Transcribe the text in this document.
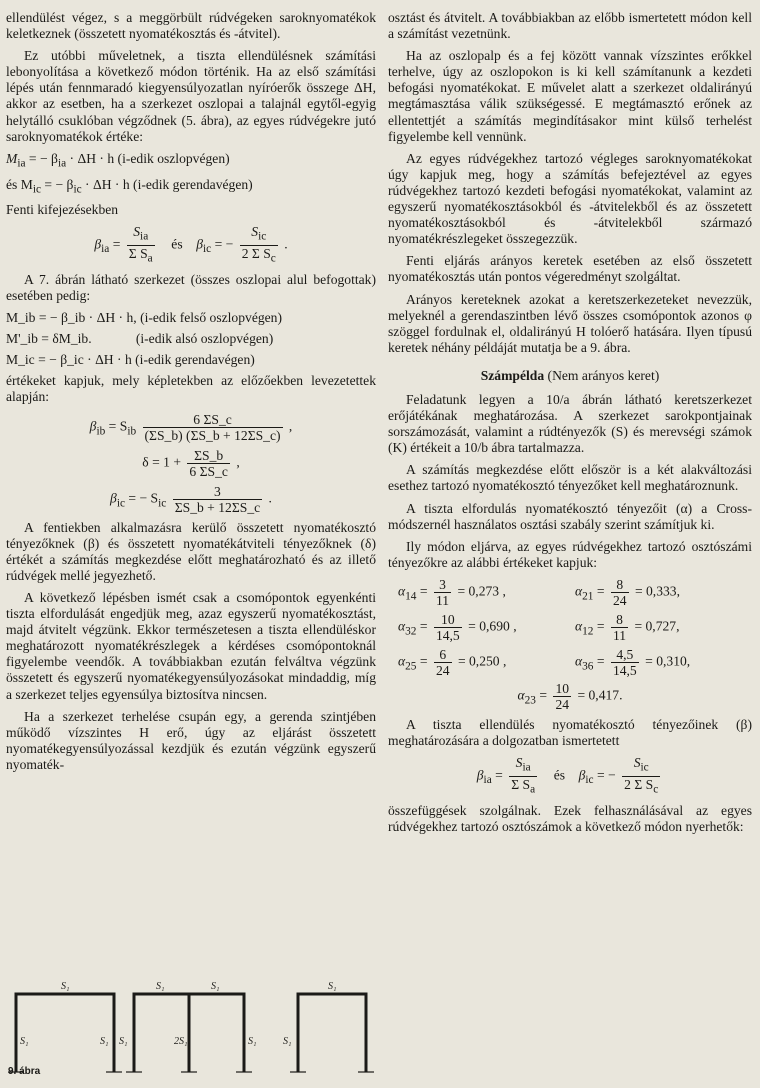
ellendülést végez, s a meggörbült rúdvégeken saroknyomatékok keletkeznek (összetett nyomatékosztás és -átvitel).

Ez utóbbi műveletnek, a tiszta ellendülésnek számítási lebonyolítása a következő módon történik. Ha az első számítási lépés után fennmaradó kiegyensúlyozatlan nyíróerők összege ΔH, akkor az esetben, ha a szerkezet oszlopai a talajnál egytől-egyig helytálló csuklóban végződnek (5. ábra), az egyes rúdvégekre jutó saroknyomatékok értéke:

$M_{ia}$ = − $\beta_{ia} \cdot \Delta H \cdot h$ (i-edik oszlopvégen)
és $M_{ic}$ = − $\beta_{ic} \cdot \Delta H \cdot h$ (i-edik gerendavégen)

Fenti kifejezésekben

$\beta_{ia} = \frac{S_{ia}}{\Sigma S_a}$ és $\beta_{ic}$ = − $\frac{S_{ic}}{2 \Sigma S_c}$ .

A 7. ábrán látható szerkezet (összes oszlopai alul befogottak) esetében pedig:

M_ib = − β_ib · ΔH · h, (i-edik felső oszlopvégen)
M'_ib = δM_ib.	(i-edik alsó oszlopvégen)
M_ic = − β_ic · ΔH · h (i-edik gerendavégen)

értékeket kapjuk, mely képletekben az előzőekben levezetettek alapján:

$\beta_{ib} = S_{ib} \frac{6 \Sigma S\_c}{(\Sigma S\_b) (\Sigma S\_b + 12\Sigma S\_c)}$ ,
$\delta = 1 + \frac{\Sigma S\_b}{6 \Sigma S\_c}$ ,
$\beta_{ic}$ = − $S_{ic} \frac{3}{\Sigma S\_b + 12\Sigma S\_c}$ .

A fentiekben alkalmazásra kerülő összetett nyomatékosztó tényezőknek (β) és összetett nyomatékátviteli tényezőknek (δ) értékét a számítás megkezdése előtt meghatározható és az illető rúdvégek mellé jegyezhető.

A következő lépésben ismét csak a csomópontok egyenkénti tiszta elfordulását engedjük meg, azaz egyszerű nyomatékosztást, majd átvitelt végzünk. Ekkor természetesen a tiszta ellendüléskor meghatározott nyomatékrészlegek a kérdéses csomópontoknál figyelembe veendők. A továbbiakban ezután felváltva végzünk összetett és egyszerű nyomatékegyensúlyozásokat mindaddig, míg a szerkezet teljes egyensúlya biztosítva nincsen.

Ha a szerkezet terhelése csupán egy, a gerenda szintjében működő vízszintes H erő, úgy az eljárást összetett nyomatékegyensúlyozással kezdjük és ezután végzünk egyszerű nyomaték-

osztást és átvitelt. A továbbiakban az előbb ismertetett módon kell a számítást vezetnünk.

Ha az oszlopalp és a fej között vannak vízszintes erőkkel terhelve, úgy az oszlopokon is ki kell számítanunk a kezdeti befogási nyomatékokat. E művelet alatt a szerkezet oldalirányú megtámasztása válik szükségessé. E megtámasztó erőnek az ellentettjét a számítás megindításakor mint külső terhelést figyelembe kell vennünk.

Az egyes rúdvégekhez tartozó végleges saroknyomatékokat úgy kapjuk meg, hogy a számítás befejeztével az egyes rúdvégekhez tartozó kezdeti befogási nyomatékokat, valamint az egyszerű nyomatékosztásokból és -átvitelekből és az összetett nyomatékosztásokból és -átvitelekből származó nyomatékrészlegeket összegezzük.

Fenti eljárás arányos keretek esetében az első összetett nyomatékosztás után pontos végeredményt szolgáltat.

Arányos kereteknek azokat a keretszerkezeteket nevezzük, melyeknél a gerendaszintben lévő összes csomópontok azonos φ szöggel fordulnak el, oldalirányú H tolóerő hatására. Ilyen típusú keretek néhány példáját mutatja be a 9. ábra.

Számpélda (Nem arányos keret)

Feladatunk legyen a 10/a ábrán látható keretszerkezet erőjátékának meghatározása. A szerkezet sarokpontjainak sorszámozását, valamint a rúdtényezők (S) és merevségi számok (K) értékeit a 10/b ábra tartalmazza.

A számítás megkezdése előtt először is a két alakváltozási esethez tartozó nyomatékosztó tényezőket kell meghatároznunk.

A tiszta elfordulás nyomatékosztó tényezőit (α) a Cross-módszernél használatos osztási szabály szerint számítjuk ki.

Ily módon eljárva, az egyes rúdvégekhez tartozó osztószámi tényezőkre az alábbi értékeket kapjuk:

$\alpha_{14} = \frac{3}{11} = 0,273$ ,	$\alpha_{21} = \frac{8}{24} = 0,333$,
$\alpha_{32} = \frac{10}{14,5} = 0,690$ ,	$\alpha_{12} = \frac{8}{11} = 0,727$,
$\alpha_{25} = \frac{6}{24} = 0,250$ ,	$\alpha_{36} = \frac{4,5}{14,5} = 0,310$,
$\alpha_{23} = \frac{10}{24} = 0,417$.

A tiszta ellendülés nyomatékosztó tényezőinek (β) meghatározására a dolgozatban ismertetett

$\beta_{ia} = \frac{S_{ia}}{\Sigma S_a}$ és $\beta_{ic}$ = − $\frac{S_{ic}}{2 \Sigma S_c}$

összefüggések szolgálnak. Ezek felhasználásával az egyes rúdvégekhez tartozó osztószámok a következő módon nyerhetők:

S₁	S₁	S₁	S₁
2S₁
S₁	S₁ S₁	S₁	S₁
9. ábra
